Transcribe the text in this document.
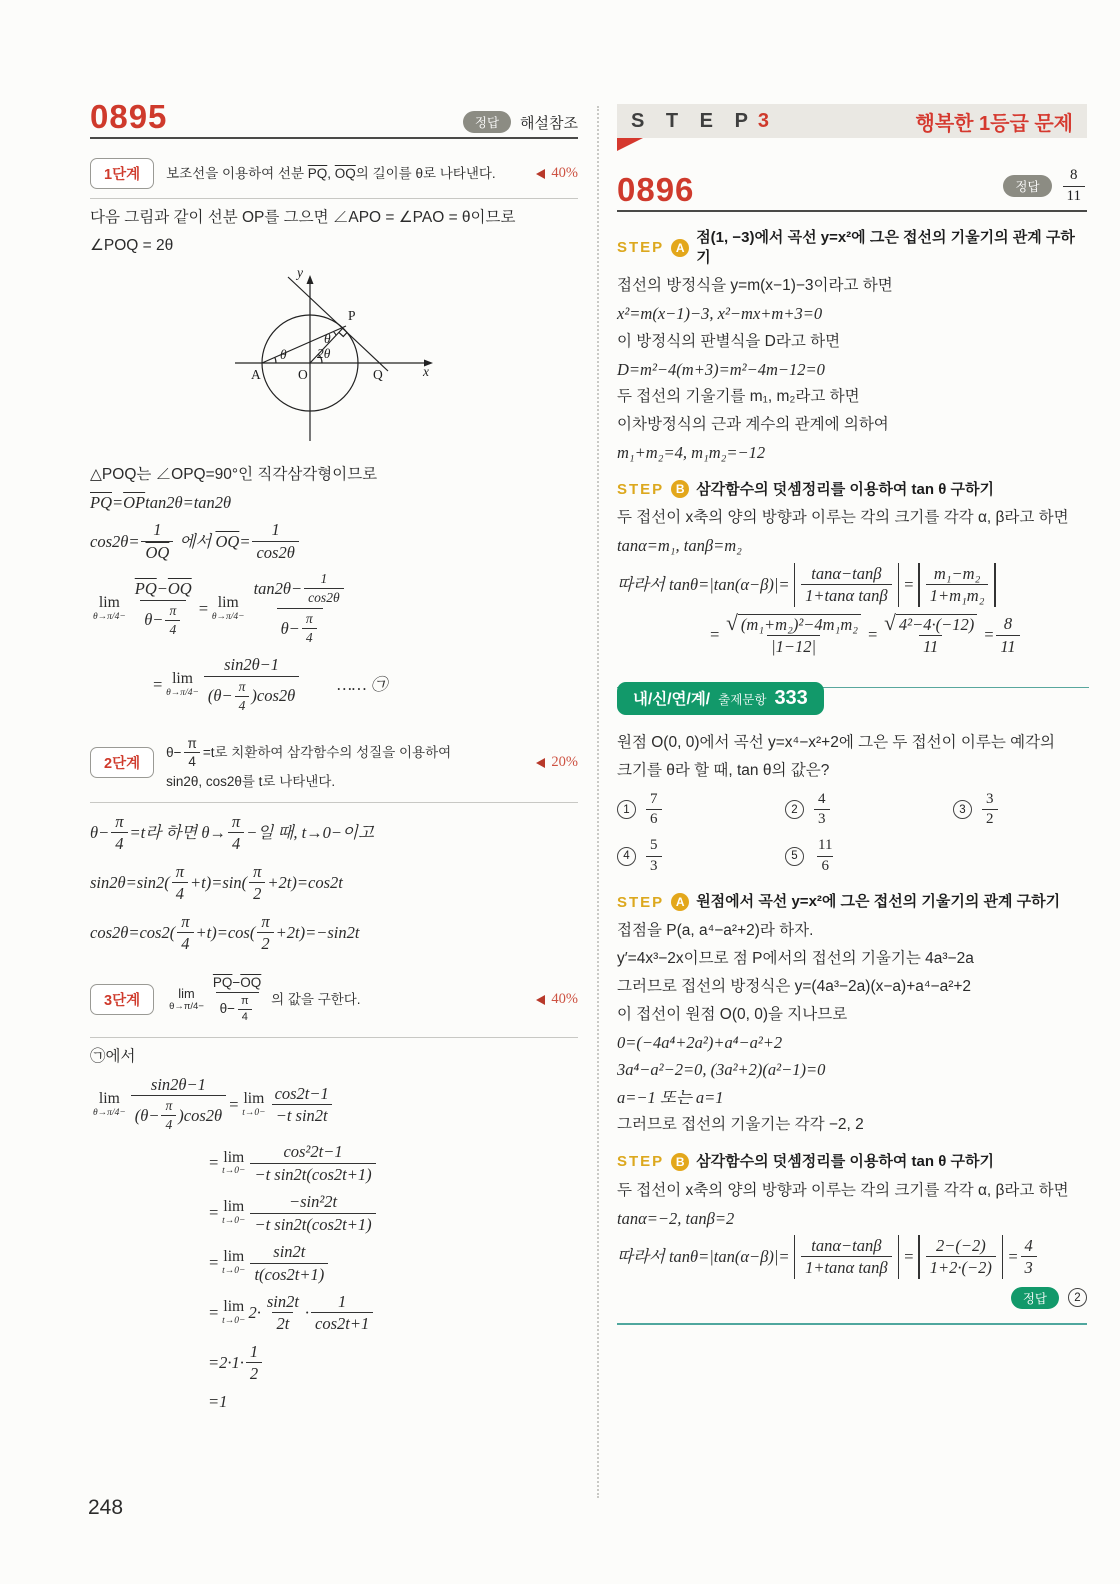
0895	정답	해설참조
1단계	보조선을 이용하여 선분 $\overline{PQ}$ , $\overline{OQ}$ 의 길이를 θ로 나타낸다.	40%
다음 그림과 같이 선분 OP를 그으면 ∠APO = ∠PAO = θ이므로
∠POQ = 2θ
y
x
A	O
P
Q
θ
θ
2θ
△POQ는 ∠OPQ=90°인 직각삼각형이므로
$\overline{PQ} = \overline{OP}$ tan2θ=tan2θ
$\cos 2\theta= \frac{1}{OQ}$ 에서 $\overline{OQ} = \frac{1}{\cos 2\theta}$
lim
$\theta\to\pi/4- \frac{\overline{PQ} - \overline{OQ}}{\theta- \frac{\pi}{4}} = \lim$
$\theta\to\pi/4- \frac{\tan 2\theta- \frac{1}{\cos 2\theta}}{\theta- \frac{\pi}{4}}$
= lim
$\theta\to\pi/4- \frac{\sin 2\theta-1}{(\theta- \frac{\pi}{4} )\cos 2\theta}$ …… ㉠
2단계
$\theta- \frac{\pi}{4} =t$로 치환하여 삼각함수의 성질을 이용하여
sin2θ, cos2θ를 t로 나타낸다.
20%
$\theta- \frac{\pi}{4} =t$라 하면 $\theta\to \frac{\pi}{4}$ −일 때, t→0−이고
$\sin 2\theta=\sin 2( \frac{\pi}{4} +t)=\sin( \frac{\pi}{2} +2t)=\cos 2t$
$\cos 2\theta=\cos 2( \frac{\pi}{4} +t)=\cos( \frac{\pi}{2} +2t)=-\sin 2t$
3단계
lim
$\theta\to\pi/4- \frac{\overline{PQ} - \overline{OQ}}{\theta- \frac{\pi}{4}}$ 의 값을 구한다.	40%
㉠에서
lim
$\theta\to\pi/4- \frac{\sin 2\theta-1}{(\theta- \frac{\pi}{4} )\cos 2\theta} = \lim$
$t\to 0- \frac{\cos 2t-1}{\text{−t sin2t}}$
= lim
$t\to 0- \frac{\text{cos²2t−1}}{\text{−t sin2t(cos2t+1)}}$
= lim
$t\to 0- \frac{\text{−sin²2t}}{\text{−t sin2t(cos2t+1)}}$
= lim
$t\to 0- \frac{\sin 2t}{t(\cos 2t+1)}$
= lim
$t\to 0- 2\cdot \frac{\sin 2t}{2t} \cdot \frac{1}{\cos 2t+1}$
$=2\cdot 1\cdot \frac{1}{2}$
=1
S T E P 3	행복한 1등급 문제
0896	정답	$\frac{8}{11}$
STEP A
점(1, −3)에서 곡선 y=x²에 그은 접선의 기울기의 관계 구하기
접선의 방정식을 y=m(x−1)−3이라고 하면
x²=m(x−1)−3, x²−mx+m+3=0
이 방정식의 판별식을 D라고 하면
D=m²−4(m+3)=m²−4m−12=0
두 접선의 기울기를 m₁, m₂라고 하면
이차방정식의 근과 계수의 관계에 의하여
m₁+m₂=4, m₁m₂=−12
STEP B 삼각함수의 덧셈정리를 이용하여 tan θ 구하기
두 접선이 x축의 양의 방향과 이루는 각의 크기를 각각 α, β라고 하면
tanα=m₁, tanβ=m₂
따라서 $\tan\theta=|\tan(\alpha-\beta)|= \frac{\tan\alpha-\tan\beta}{\text{1+tanα tanβ}} = \frac{\text{m₁−m₂}}{\text{1+m₁m₂}}$
= $\frac{\text{√ (m₁+m₂)²−4m₁m₂}}{|1-12|} = \frac{\text{√ 4²−4·(−12)}}{11} = \frac{8}{11}$
내/신/연/계/ 출제문항 333
원점 O(0, 0)에서 곡선 y=x⁴−x²+2에 그은 두 접선이 이루는 예각의
크기를 θ라 할 때, tan θ의 값은?
1	$\frac{7}{6}$	2	$\frac{4}{3}$	3	$\frac{3}{2}$
4	$\frac{5}{3}$	5	$\frac{11}{6}$
STEP A 원점에서 곡선 y=x²에 그은 접선의 기울기의 관계 구하기
접점을 P(a, a⁴−a²+2)라 하자.
y′=4x³−2x이므로 점 P에서의 접선의 기울기는 4a³−2a
그러므로 접선의 방정식은 y=(4a³−2a)(x−a)+a⁴−a²+2
이 접선이 원점 O(0, 0)을 지나므로
0=(−4a⁴+2a²)+a⁴−a²+2
3a⁴−a²−2=0, (3a²+2)(a²−1)=0
a=−1 또는 a=1
그러므로 접선의 기울기는 각각 −2, 2
STEP B 삼각함수의 덧셈정리를 이용하여 tan θ 구하기
두 접선이 x축의 양의 방향과 이루는 각의 크기를 각각 α, β라고 하면
tanα=−2, tanβ=2
따라서 $\tan\theta=|\tan(\alpha-\beta)|= \frac{\tan\alpha-\tan\beta}{\text{1+tanα tanβ}} = \frac{2-(-2)}{1+2\cdot(-2)} = \frac{4}{3}$
정답	2
248
